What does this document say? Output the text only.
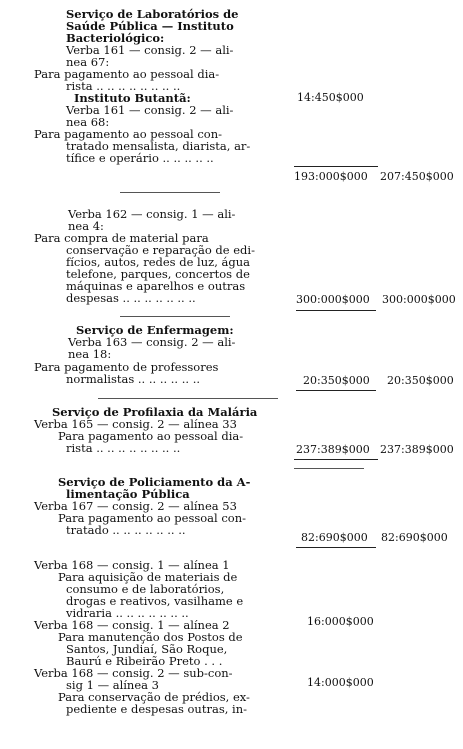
Serviço de Laboratórios de
Saúde Pública — Instituto
Bacteriológico:
Verba 161 — consig. 2 — ali-
nea 67:
Para pagamento ao pessoal dia-
rista .. .. .. .. .. .. .. ..
Instituto Butantã:
Verba 161 — consig. 2 — ali-
nea 68:
Para pagamento ao pessoal con-
tratado mensalista, diarista, ar-
tífice e operário .. .. .. .. ..
Verba 162 — consig. 1 — ali-
nea 4:
Para compra de material para
conservação e reparação de edi-
fícios, autos, redes de luz, água
telefone, parques, concertos de
máquinas e aparelhos e outras
despesas .. .. .. .. .. .. ..
Serviço de Enfermagem:
Verba 163 — consig. 2 — ali-
nea 18:
Para pagamento de professores
normalistas .. .. .. .. .. ..
Serviço de Profilaxia da Malária
Verba 165 — consig. 2 — alínea 33
Para pagamento ao pessoal dia-
rista .. .. .. .. .. .. .. ..
Serviço de Policiamento da A-
limentação Pública
Verba 167 — consig. 2 — alínea 53
Para pagamento ao pessoal con-
tratado .. .. .. .. .. .. ..
Verba 168 — consig. 1 — alínea 1
Para aquisição de materiais de
consumo e de laboratórios,
drogas e reativos, vasilhame e
vidraria .. .. .. .. .. .. ..
Verba 168 — consig. 1 — alínea 2
Para manutenção dos Postos de
Santos, Jundiaí, São Roque,
Baurú e Ribeirão Preto . . .
Verba 168 — consig. 2 — sub-con-
sig 1 — alínea 3
Para conservação de prédios, ex-
pediente e despesas outras, in-
14:450$000
193:000$000 207:450$000
300:000$000 300:000$000
20:350$000 20:350$000
237:389$000 237:389$000
82:690$000 82:690$000
16:000$000
14:000$000
